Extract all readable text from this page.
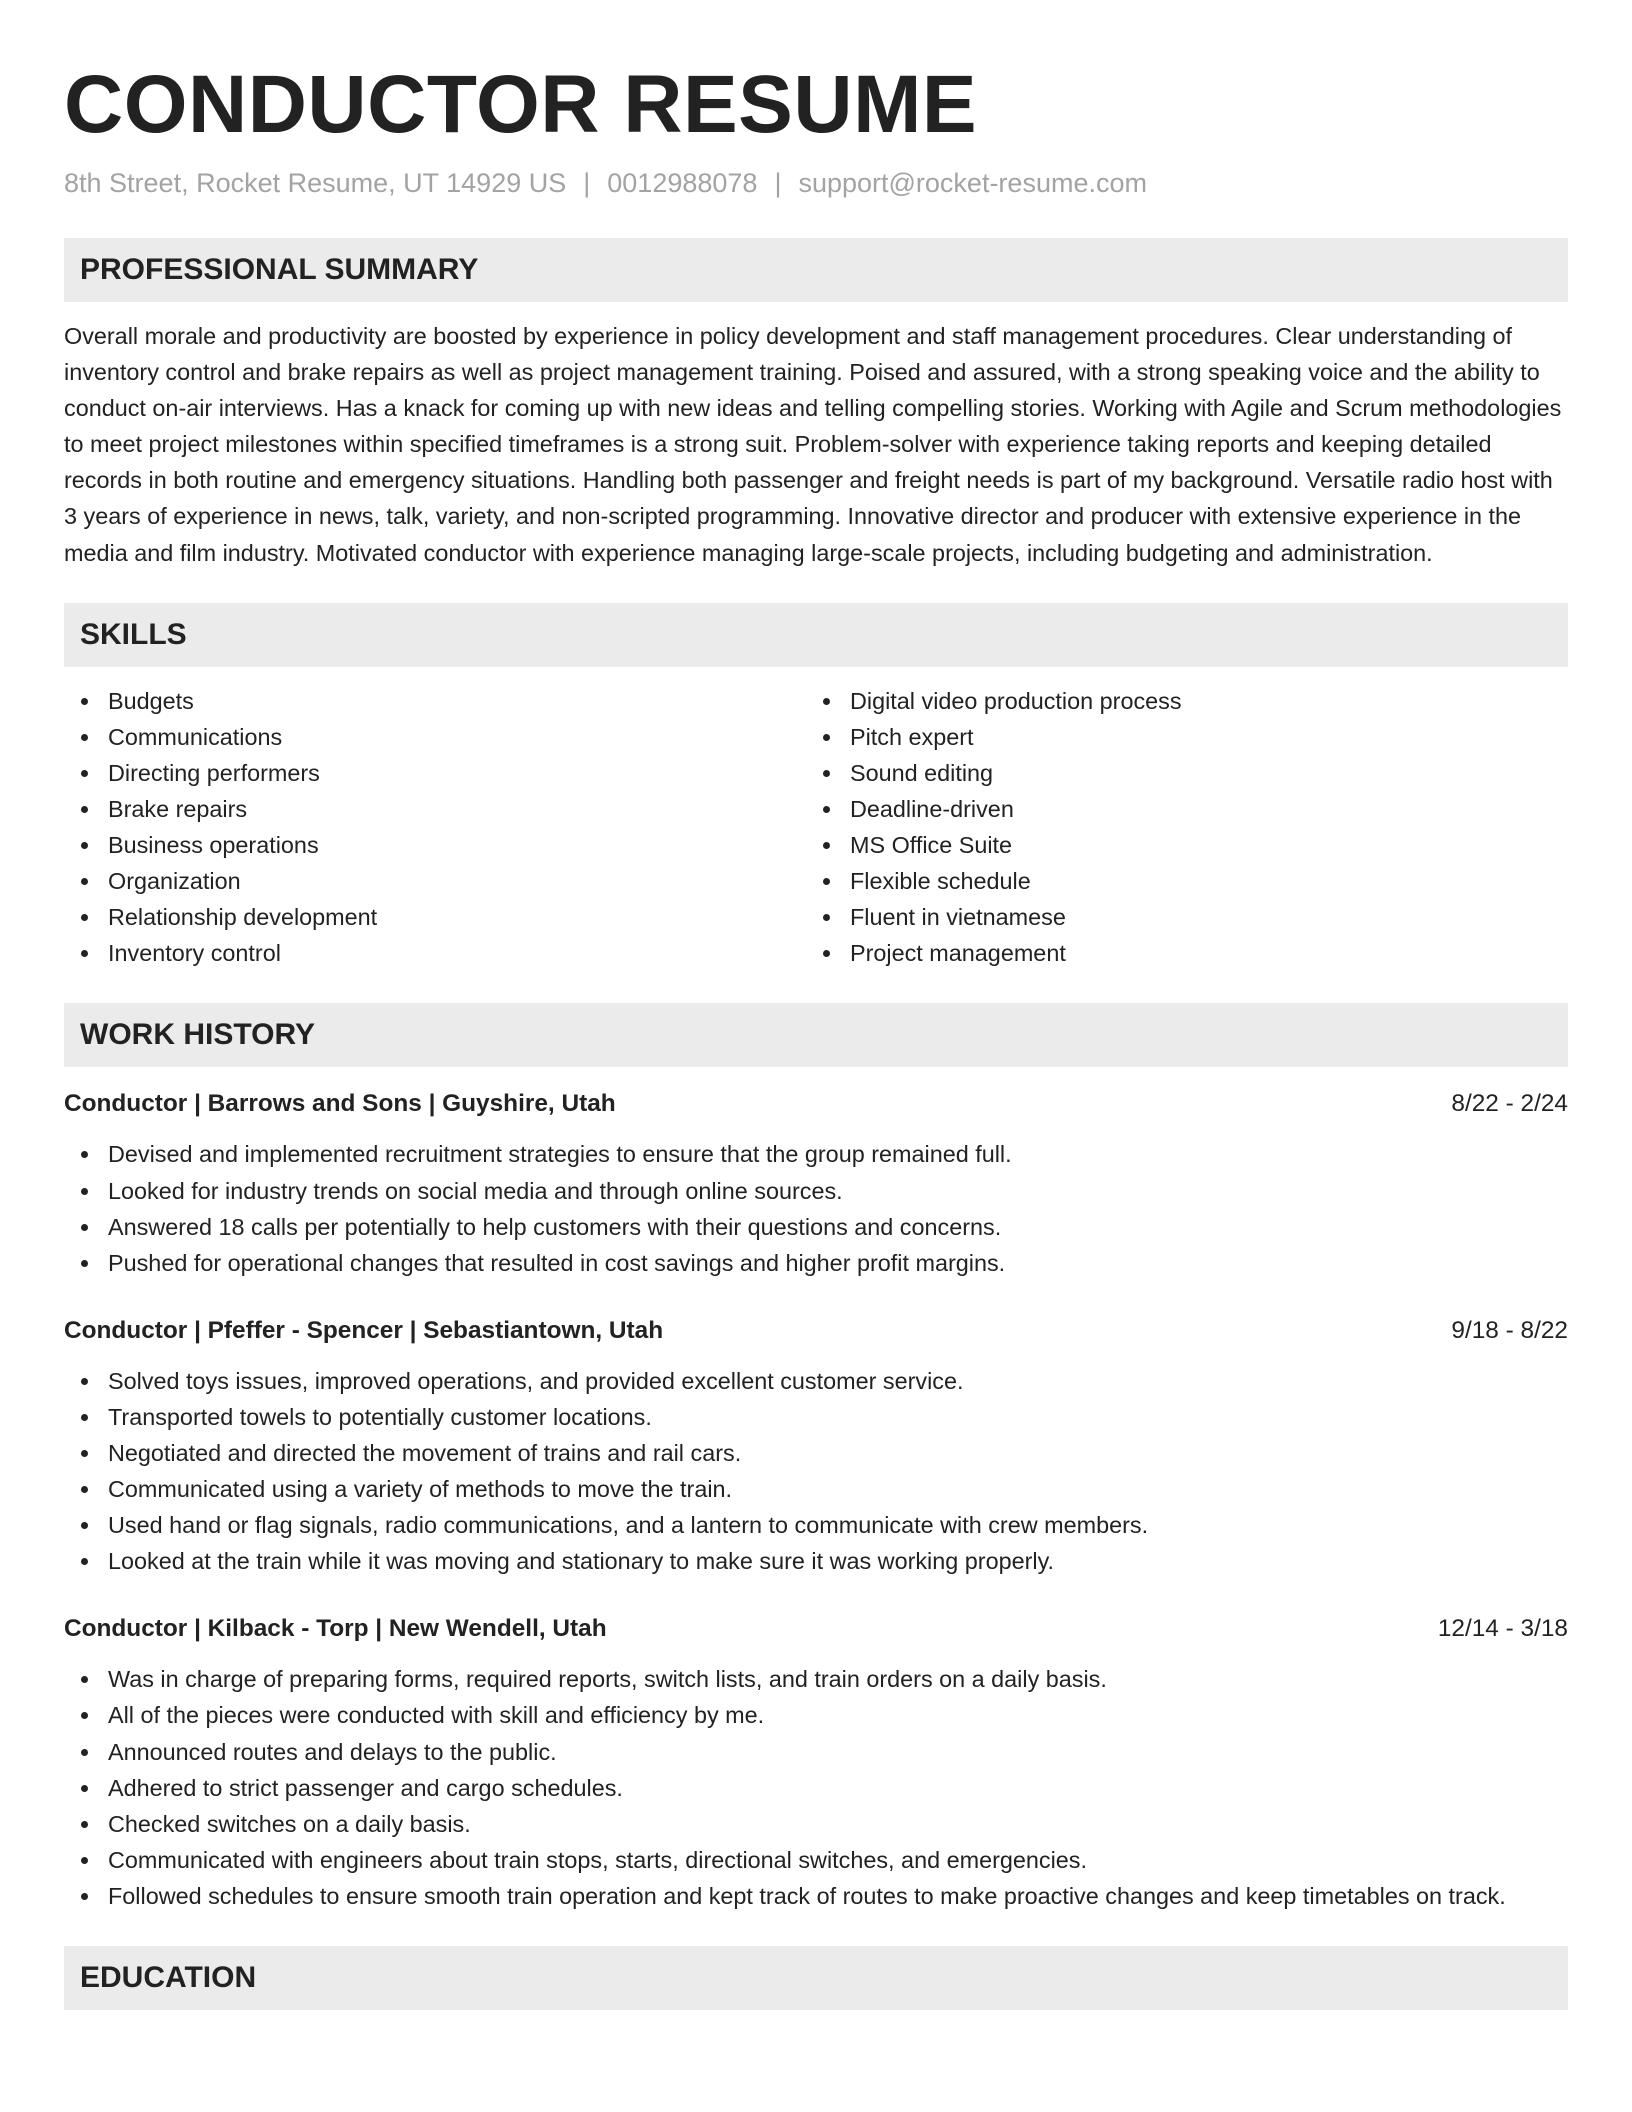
CONDUCTOR RESUME
8th Street, Rocket Resume, UT 14929 US | 0012988078 | support@rocket-resume.com
PROFESSIONAL SUMMARY

Overall morale and productivity are boosted by experience in policy development and staff management procedures. Clear understanding of inventory control and brake repairs as well as project management training. Poised and assured, with a strong speaking voice and the ability to conduct on-air interviews. Has a knack for coming up with new ideas and telling compelling stories. Working with Agile and Scrum methodologies to meet project milestones within specified timeframes is a strong suit. Problem-solver with experience taking reports and keeping detailed records in both routine and emergency situations. Handling both passenger and freight needs is part of my background. Versatile radio host with 3 years of experience in news, talk, variety, and non-scripted programming. Innovative director and producer with extensive experience in the media and film industry. Motivated conductor with experience managing large-scale projects, including budgeting and administration.

SKILLS
Budgets
Communications
Directing performers
Brake repairs
Business operations
Organization
Relationship development
Inventory control
Digital video production process
Pitch expert
Sound editing
Deadline-driven
MS Office Suite
Flexible schedule
Fluent in vietnamese
Project management
WORK HISTORY
Conductor | Barrows and Sons | Guyshire, Utah	8/22 - 2/24
Devised and implemented recruitment strategies to ensure that the group remained full.
Looked for industry trends on social media and through online sources.
Answered 18 calls per potentially to help customers with their questions and concerns.
Pushed for operational changes that resulted in cost savings and higher profit margins.
Conductor | Pfeffer - Spencer | Sebastiantown, Utah	9/18 - 8/22
Solved toys issues, improved operations, and provided excellent customer service.
Transported towels to potentially customer locations.
Negotiated and directed the movement of trains and rail cars.
Communicated using a variety of methods to move the train.
Used hand or flag signals, radio communications, and a lantern to communicate with crew members.
Looked at the train while it was moving and stationary to make sure it was working properly.
Conductor | Kilback - Torp | New Wendell, Utah	12/14 - 3/18
Was in charge of preparing forms, required reports, switch lists, and train orders on a daily basis.
All of the pieces were conducted with skill and efficiency by me.
Announced routes and delays to the public.
Adhered to strict passenger and cargo schedules.
Checked switches on a daily basis.
Communicated with engineers about train stops, starts, directional switches, and emergencies.
Followed schedules to ensure smooth train operation and kept track of routes to make proactive changes and keep timetables on track.
EDUCATION
